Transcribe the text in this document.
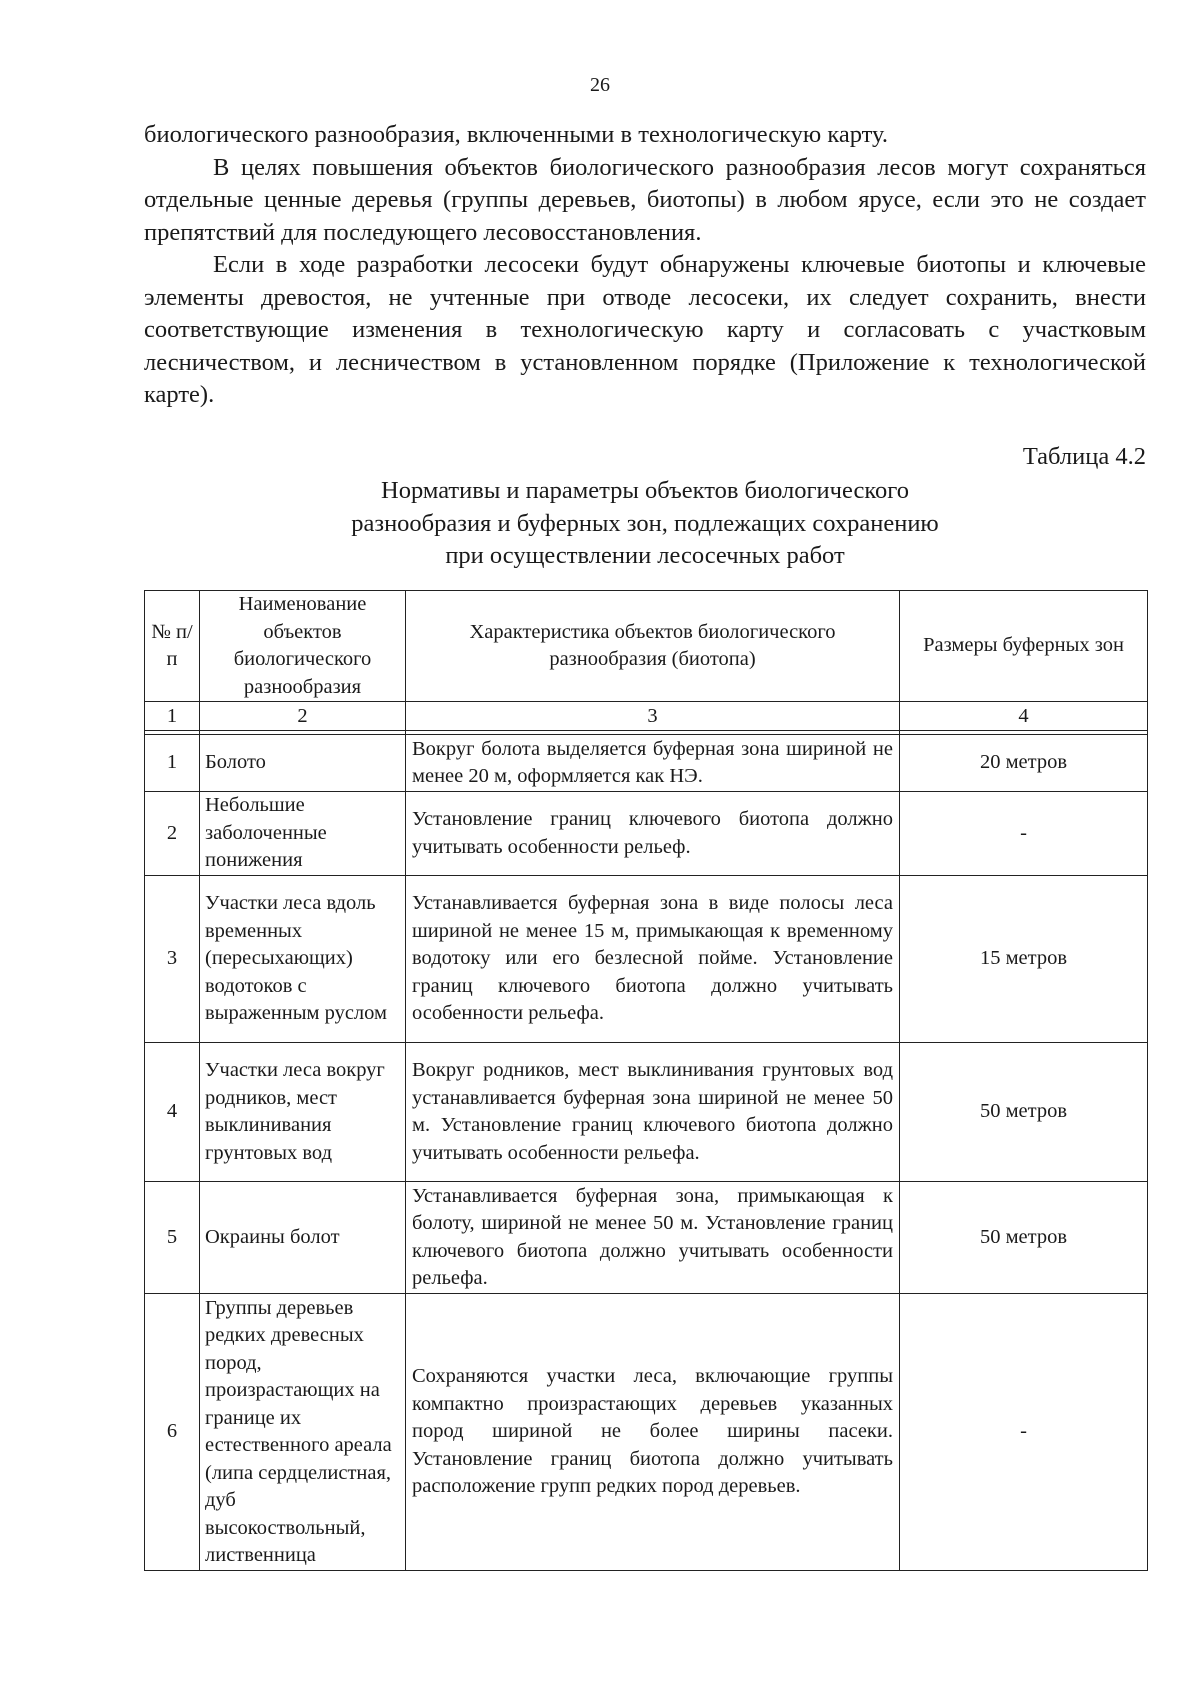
26

биологического разнообразия, включенными в технологическую карту.

В целях повышения объектов биологического разнообразия лесов могут сохраняться отдельные ценные деревья (группы деревьев, биотопы) в любом ярусе, если это не создает препятствий для последующего лесовосстановления.

Если в ходе разработки лесосеки будут обнаружены ключевые биотопы и ключевые элементы древостоя, не учтенные при отводе лесосеки, их следует сохранить, внести соответствующие изменения в технологическую карту и согласовать с участковым лесничеством, и лесничеством в установленном порядке (Приложение к технологической карте).

Таблица 4.2
Нормативы и параметры объектов биологического
разнообразия и буферных зон, подлежащих сохранению
при осуществлении лесосечных работ
№ п/п	Наименование объектов биологического разнообразия	Характеристика объектов биологического разнообразия (биотопа)	Размеры буферных зон
1	2	3	4

1	Болото	Вокруг болота выделяется буферная зона шириной не менее 20 м, оформляется как НЭ.	20 метров
2	Небольшие заболоченные понижения	Установление границ ключевого биотопа должно учитывать особенности рельеф.	-
3	Участки леса вдоль временных (пересыхающих) водотоков с выраженным руслом	Устанавливается буферная зона в виде полосы леса шириной не менее 15 м, примыкающая к временному водотоку или его безлесной пойме. Установление границ ключевого биотопа должно учитывать особенности рельефа.	15 метров
4	Участки леса вокруг родников, мест выклинивания грунтовых вод	Вокруг родников, мест выклинивания грунтовых вод устанавливается буферная зона шириной не менее 50 м. Установление границ ключевого биотопа должно учитывать особенности рельефа.	50 метров
5	Окраины болот	Устанавливается буферная зона, примыкающая к болоту, шириной не менее 50 м. Установление границ ключевого биотопа должно учитывать особенности рельефа.	50 метров
6	Группы деревьев редких древесных пород, произрастающих на границе их естественного ареала (липа сердцелистная, дуб высокоствольный, лиственница	Сохраняются участки леса, включающие группы компактно произрастающих деревьев указанных пород шириной не более ширины пасеки. Установление границ биотопа должно учитывать расположение групп редких пород деревьев.	-
